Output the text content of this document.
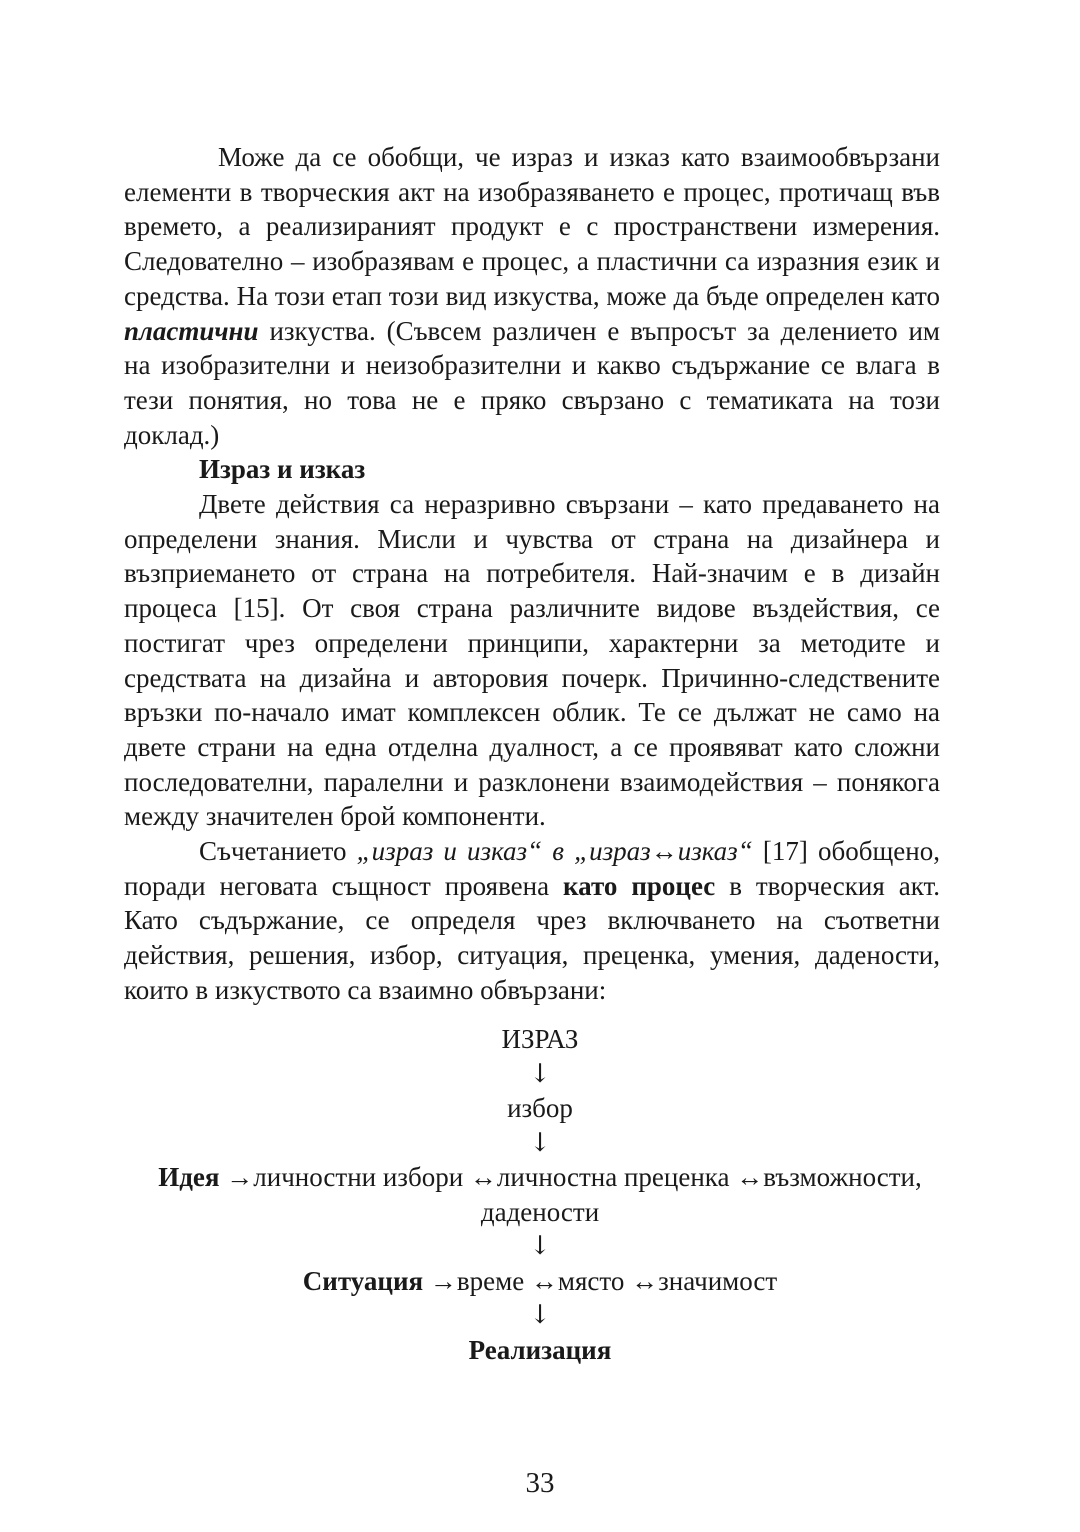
Може да се обобщи, че израз и изказ като взаимообвързани елементи в творческия акт на изобразяването е процес, протичащ във времето, а реализираният продукт е с пространствени измерения. Следователно – изобразявам е процес, а пластични са изразния език и средства. На този етап този вид изкуства, може да бъде определен като пластични изкуства. (Съвсем различен е въпросът за делението им на изобразителни и неизобразителни и какво съдържание се влага в тези понятия, но това не е пряко свързано с тематиката на този доклад.)

Израз и изказ

Двете действия са неразривно свързани – като предаването на определени знания. Мисли и чувства от страна на дизайнера и възприемането от страна на потребителя. Най-значим е в дизайн процеса [15]. От своя страна различните видове въздействия, се постигат чрез определени принципи, характерни за методите и средствата на дизайна и авторовия почерк. Причинно-следствените връзки по-начало имат комплексен облик. Те се дължат не само на двете страни на една отделна дуалност, а се проявяват като сложни последователни, паралелни и разклонени взаимодействия – понякога между значителен брой компоненти.

Съчетанието „израз и изказ“ в „израз↔изказ“ [17] обобщено, поради неговата същност проявена като процес в творческия акт. Като съдържание, се определя чрез включването на съответни действия, решения, избор, ситуация, преценка, умения, дадености, които в изкуството са взаимно обвързани:

ИЗРАЗ
↓
избор
↓
Идея →личностни избори ↔личностна преценка ↔възможности,
дадености
↓
Ситуация →време ↔място ↔значимост
↓
Реализация
33
